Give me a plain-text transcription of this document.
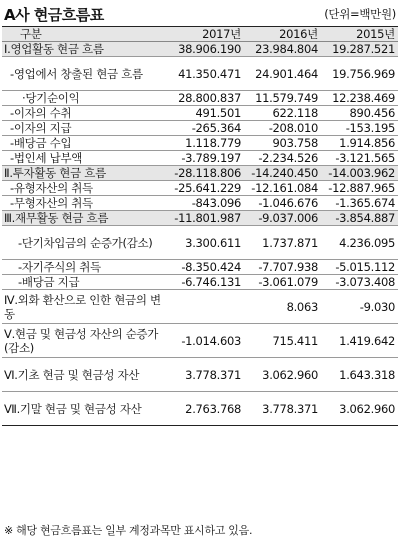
A사 현금흐름표	(단위=백만원)
구분	2017년	2016년	2015년
Ⅰ.영업활동 현금 흐름	38.906.190	23.984.804	19.287.521
-영업에서 창출된 현금 흐름	41.350.471	24.901.464	19.756.969
·당기순이익	28.800.837	11.579.749	12.238.469
-이자의 수취	491.501	622.118	890.456
-이자의 지급	-265.364	-208.010	-153.195
-배당금 수입	1.118.779	903.758	1.914.856
-법인세 납부액	-3.789.197	-2.234.526	-3.121.565
Ⅱ.투자활동 현금 흐름	-28.118.806	-14.240.450	-14.003.962
-유형자산의 취득	-25.641.229	-12.161.084	-12.887.965
-무형자산의 취득	-843.096	-1.046.676	-1.365.674
Ⅲ.재무활동 현금 흐름	-11.801.987	-9.037.006	-3.854.887
-단기차입금의 순증가(감소)	3.300.611	1.737.871	4.236.095
-자기주식의 취득	-8.350.424	-7.707.938	-5.015.112
-배당금 지급	-6.746.131	-3.061.079	-3.073.408
Ⅳ.외화 환산으로 인한 현금의 변동		8.063	-9.030
Ⅴ.현금 및 현금성 자산의 순증가(감소)	-1.014.603	715.411	1.419.642
Ⅵ.기초 현금 및 현금성 자산	3.778.371	3.062.960	1.643.318
Ⅶ.기말 현금 및 현금성 자산	2.763.768	3.778.371	3.062.960
※ 해당 현금흐름표는 일부 계정과목만 표시하고 있음.
